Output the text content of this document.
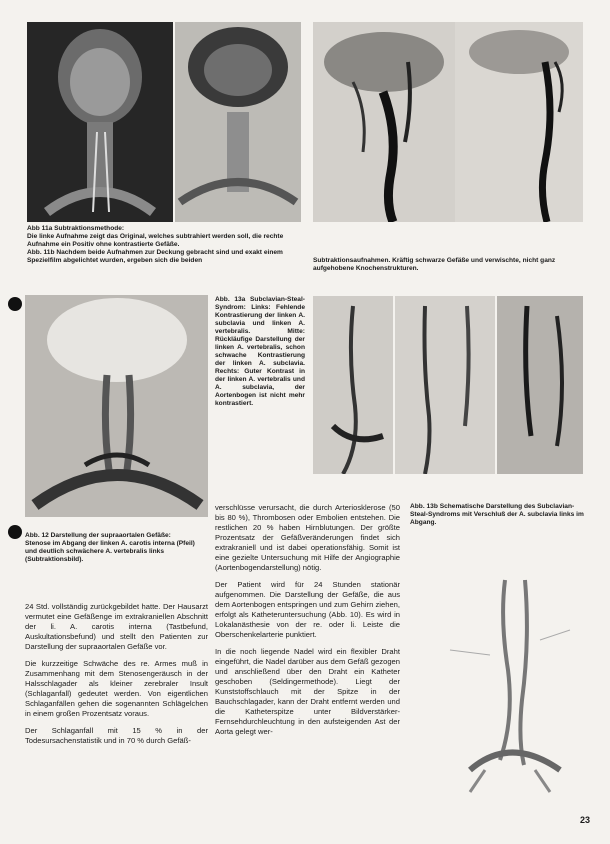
Abb 11a Subtraktionsmethode:
Die linke Aufnahme zeigt das Original, welches subtrahiert werden soll, die rechte Aufnahme ein Positiv ohne kontrastierte Gefäße.
Abb. 11b Nachdem beide Aufnahmen zur Deckung gebracht sind und exakt einem Spezielfilm abgelichtet wurden, ergeben sich die beiden	Subtraktionsaufnahmen. Kräftig schwarze Gefäße und verwischte, nicht ganz aufgehobene Knochenstrukturen.
Abb. 13a Subclavian-Steal-Syndrom: Links: Fehlende Kontrastierung der linken A. subclavia und linken A. vertebralis. Mitte: Rückläufige Darstellung der linken A. vertebralis, schon schwache Kontrastierung der linken A. subclavia. Rechts: Guter Kontrast in der linken A. vertebralis und A. subclavia, der Aortenbogen ist nicht mehr kontrastiert.
Abb. 12 Darstellung der supraaortalen Gefäße:
Stenose im Abgang der linken A. carotis interna (Pfeil) und deutlich schwächere A. vertebralis links (Subtraktionsbild).
Abb. 13b Schematische Darstellung des Subclavian-Steal-Syndroms mit Verschluß der A. subclavia links im Abgang.

24 Std. vollständig zurückgebildet hatte. Der Hausarzt vermutet eine Gefäßenge im extrakraniellen Abschnitt der li. A. carotis interna (Tastbefund, Auskultationsbefund) und stellt den Patienten zur Darstellung der supraaortalen Gefäße vor.

Die kurzzeitige Schwäche des re. Armes muß in Zusammenhang mit dem Stenosengeräusch in der Halsschlagader als kleiner zerebraler Insult (Schlaganfall) gedeutet werden. Von eigentlichen Schlaganfällen gehen die sogenannten Schlägelchen in einem großen Prozentsatz voraus.

Der Schlaganfall mit 15 % in der Todesursachenstatistik und in 70 % durch Gefäß-

verschlüsse verursacht, die durch Arteriosklerose (50 bis 80 %), Thrombosen oder Embolien entstehen. Die restlichen 20 % haben Hirnblutungen. Der größte Prozentsatz der Gefäßveränderungen findet sich extrakraniell und ist dabei operationsfähig. Somit ist eine gezielte Untersuchung mit Hilfe der Angiographie (Aortenbogendarstellung) nötig.

Der Patient wird für 24 Stunden stationär aufgenommen. Die Darstellung der Gefäße, die aus dem Aortenbogen entspringen und zum Gehirn ziehen, erfolgt als Katheteruntersuchung (Abb. 10). Es wird in Lokalanästhesie von der re. oder li. Leiste die Oberschenkelarterie punktiert.

In die noch liegende Nadel wird ein flexibler Draht eingeführt, die Nadel darüber aus dem Gefäß gezogen und anschließend über den Draht ein Katheter geschoben (Seldingermethode). Liegt der Kunststoffschlauch mit der Spitze in der Bauchschlagader, kann der Draht entfernt werden und die Katheterspitze unter Bildverstärker-Fernsehdurchleuchtung in den aufsteigenden Ast der Aorta gelegt wer-

23
